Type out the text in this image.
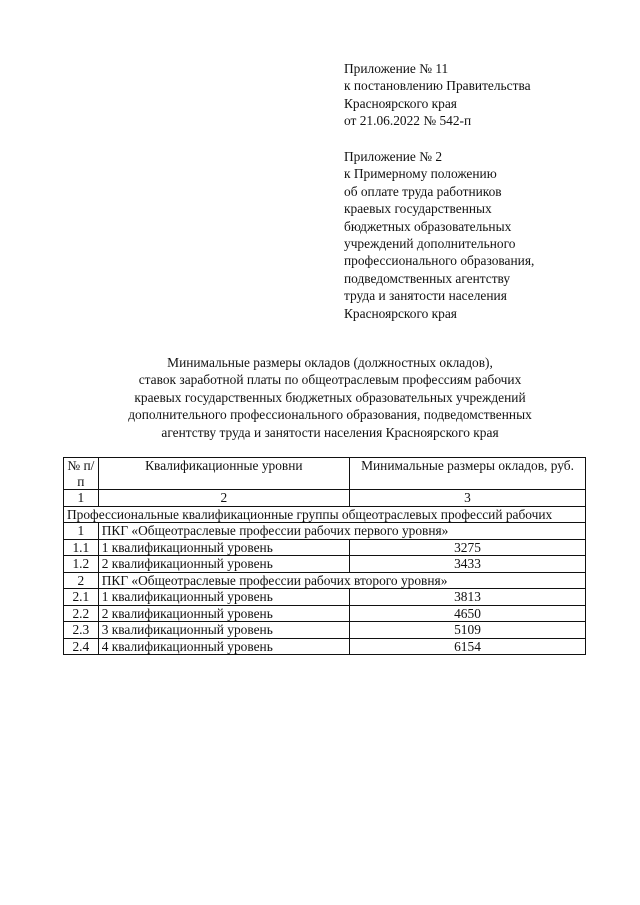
Приложение № 11
к постановлению Правительства
Красноярского края
от 21.06.2022 № 542-п
Приложение № 2
к Примерному положению
об оплате труда работников
краевых государственных
бюджетных образовательных
учреждений дополнительного
профессионального образования,
подведомственных агентству
труда и занятости населения
Красноярского края
Минимальные размеры окладов (должностных окладов),
ставок заработной платы по общеотраслевым профессиям рабочих
краевых государственных бюджетных образовательных учреждений
дополнительного профессионального образования, подведомственных
агентству труда и занятости населения Красноярского края
№ п/п	Квалификационные уровни	Минимальные размеры окладов, руб.
1	2	3
Профессиональные квалификационные группы общеотраслевых профессий рабочих		
1	ПКГ «Общеотраслевые профессии рабочих первого уровня»	
1.1	1 квалификационный уровень	3275
1.2	2 квалификационный уровень	3433
2	ПКГ «Общеотраслевые профессии рабочих второго уровня»	
2.1	1 квалификационный уровень	3813
2.2	2 квалификационный уровень	4650
2.3	3 квалификационный уровень	5109
2.4	4 квалификационный уровень	6154
